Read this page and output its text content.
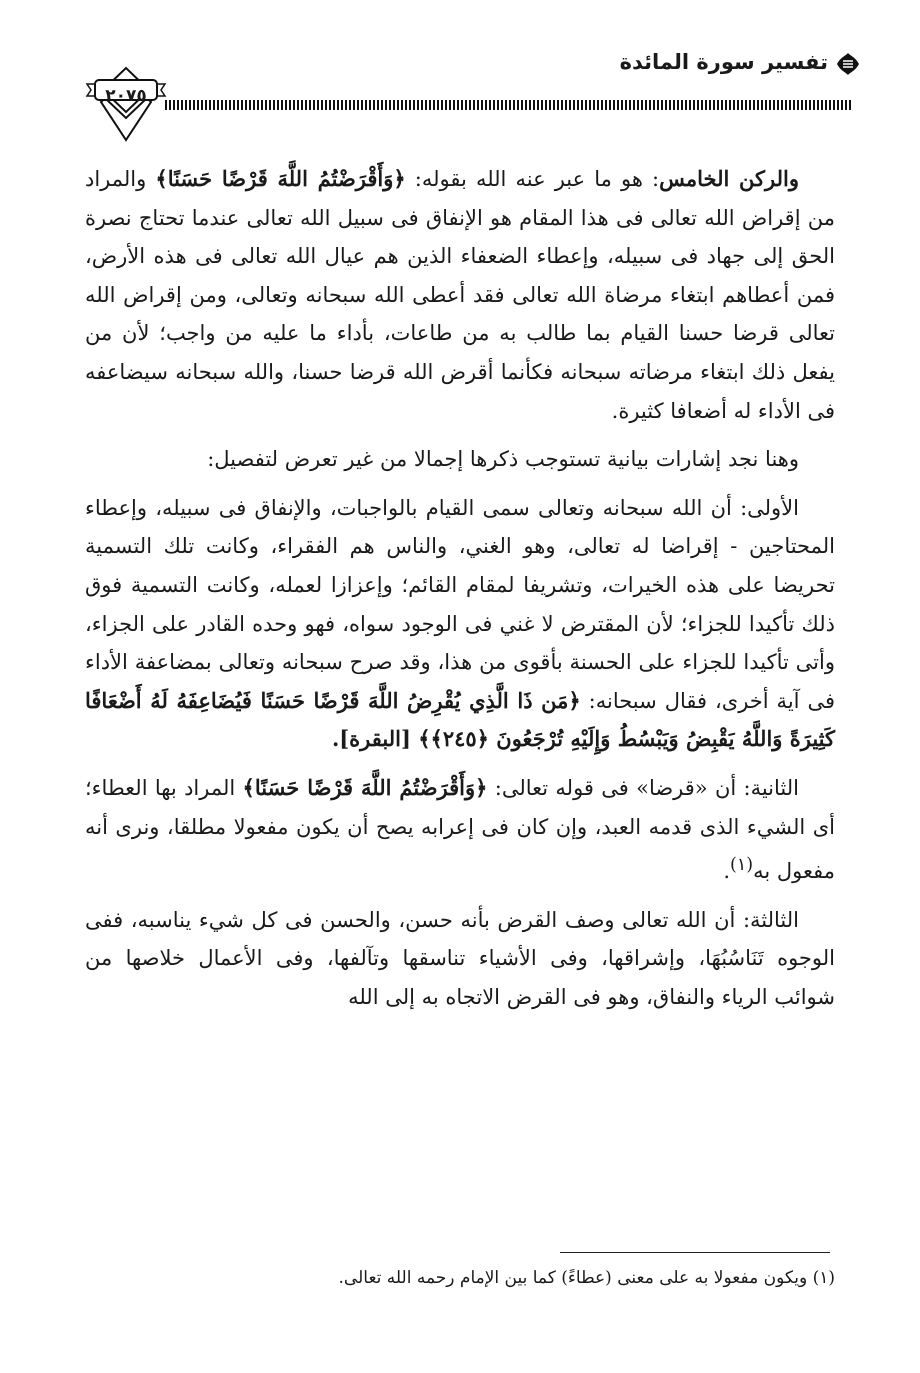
تفسير سورة المائدة
٢٠٧٥

والركن الخامس: هو ما عبر عنه الله بقوله: ﴿وَأَقْرَضْتُمُ اللَّهَ قَرْضًا حَسَنًا﴾ والمراد من إقراض الله تعالى فى هذا المقام هو الإنفاق فى سبيل الله تعالى عندما تحتاج نصرة الحق إلى جهاد فى سبيله، وإعطاء الضعفاء الذين هم عيال الله تعالى فى هذه الأرض، فمن أعطاهم ابتغاء مرضاة الله تعالى فقد أعطى الله سبحانه وتعالى، ومن إقراض الله تعالى قرضا حسنا القيام بما طالب به من طاعات، بأداء ما عليه من واجب؛ لأن من يفعل ذلك ابتغاء مرضاته سبحانه فكأنما أقرض الله قرضا حسنا، والله سبحانه سيضاعفه فى الأداء له أضعافا كثيرة.

وهنا نجد إشارات بيانية تستوجب ذكرها إجمالا من غير تعرض لتفصيل:

الأولى: أن الله سبحانه وتعالى سمى القيام بالواجبات، والإنفاق فى سبيله، وإعطاء المحتاجين - إقراضا له تعالى، وهو الغني، والناس هم الفقراء، وكانت تلك التسمية تحريضا على هذه الخيرات، وتشريفا لمقام القائم؛ وإعزازا لعمله، وكانت التسمية فوق ذلك تأكيدا للجزاء؛ لأن المقترض لا غني فى الوجود سواه، فهو وحده القادر على الجزاء، وأتى تأكيدا للجزاء على الحسنة بأقوى من هذا، وقد صرح سبحانه وتعالى بمضاعفة الأداء فى آية أخرى، فقال سبحانه: ﴿مَن ذَا الَّذِي يُقْرِضُ اللَّهَ قَرْضًا حَسَنًا فَيُضَاعِفَهُ لَهُ أَضْعَافًا كَثِيرَةً وَاللَّهُ يَقْبِضُ وَيَبْسُطُ وَإِلَيْهِ تُرْجَعُونَ ﴿٢٤٥﴾﴾ [البقرة].

الثانية: أن «قرضا» فى قوله تعالى: ﴿وَأَقْرَضْتُمُ اللَّهَ قَرْضًا حَسَنًا﴾ المراد بها العطاء؛ أى الشيء الذى قدمه العبد، وإن كان فى إعرابه يصح أن يكون مفعولا مطلقا، ونرى أنه مفعول به$^{(١)}$.

الثالثة: أن الله تعالى وصف القرض بأنه حسن، والحسن فى كل شيء يناسبه، ففى الوجوه تَنَاسُبُهَا، وإشراقها، وفى الأشياء تناسقها وتآلفها، وفى الأعمال خلاصها من شوائب الرياء والنفاق، وهو فى القرض الاتجاه به إلى الله

(١) ويكون مفعولا به على معنى (عطاءً) كما بين الإمام رحمه الله تعالى.
